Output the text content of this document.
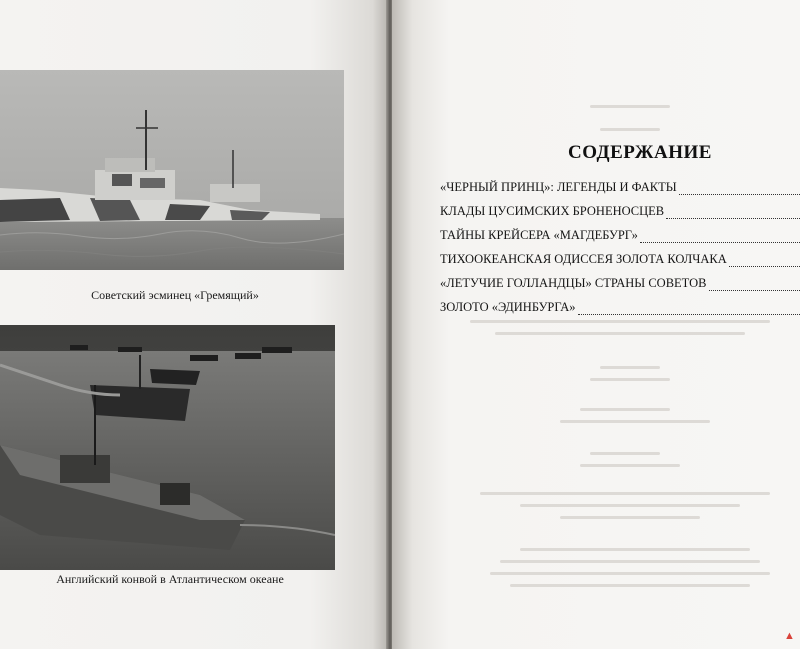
Советский эсминец «Гремящий»
Английский конвой в Атлантическом океане
СОДЕРЖАНИЕ
«ЧЕРНЫЙ ПРИНЦ»: ЛЕГЕНДЫ И ФАКТЫ
КЛАДЫ ЦУСИМСКИХ БРОНЕНОСЦЕВ
ТАЙНЫ КРЕЙСЕРА «МАГДЕБУРГ»
ТИХООКЕАНСКАЯ ОДИССЕЯ ЗОЛОТА КОЛЧАКА
«ЛЕТУЧИЕ ГОЛЛАНДЦЫ» СТРАНЫ СОВЕТОВ
ЗОЛОТО «ЭДИНБУРГА»
▲
